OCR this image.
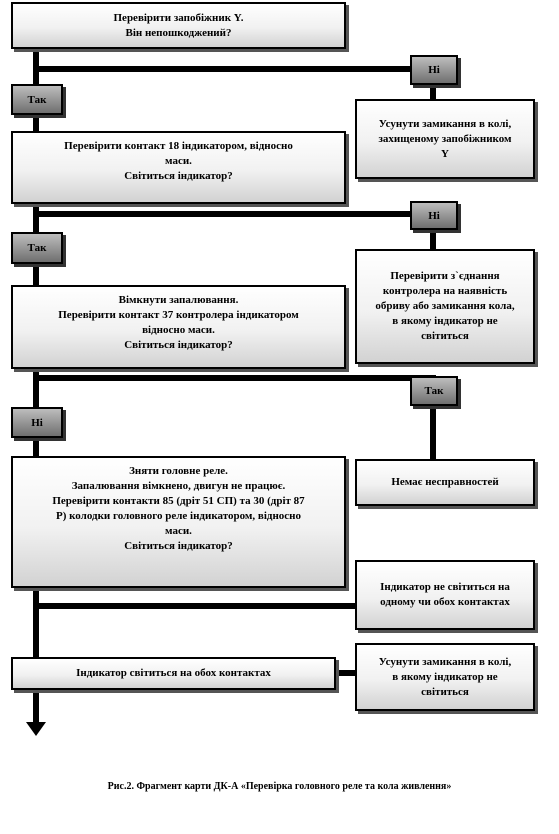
Перевірити запобіжник Y.
Він непошкоджений?
Усунути замикання в колі,
захищеному запобіжником
Y
Перевірити контакт 18 індикатором, відносно
маси.
Світиться індикатор?
Перевірити з`єднання
контролера на наявність
обриву або замикання кола,
в якому індикатор не
світиться
Вімкнути запалювання.
Перевірити контакт 37 контролера індикатором
відносно маси.
Світиться індикатор?
Зняти головне реле.
Запалювання вімкнено, двигун не працює.
Перевірити контакти 85 (дріт 51 СП) та 30 (дріт 87
Р) колодки головного реле індикатором, відносно
маси.
Світиться індикатор?
Немає несправностей
Індикатор не світиться на
одному чи обох контактах
Індикатор світиться на обох контактах
Усунути замикання в колі,
в якому індикатор не
світиться
Ні
Так
Ні
Так
Так
Ні
Рис.2. Фрагмент карти ДК-А «Перевірка головного реле та кола живлення»
